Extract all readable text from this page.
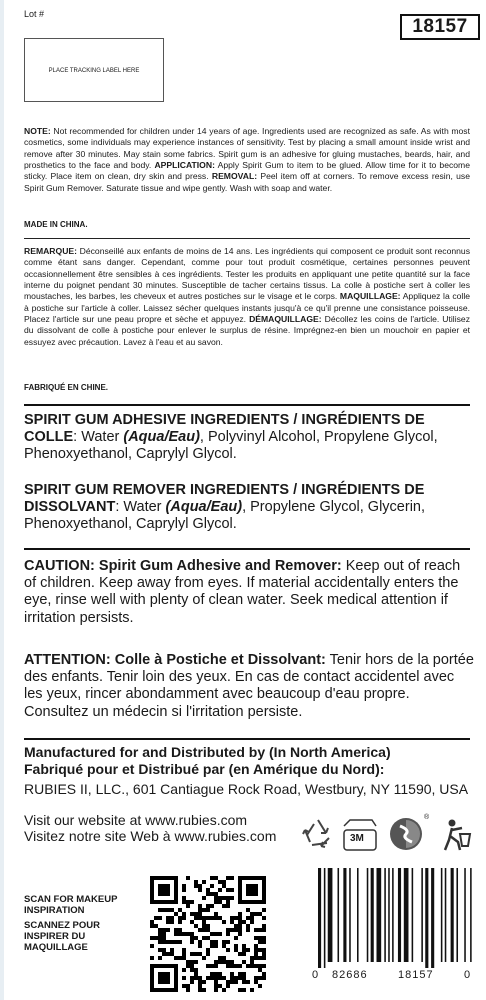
Lot #
18157
PLACE TRACKING LABEL HERE
NOTE: Not recommended for children under 14 years of age. Ingredients used are recognized as safe. As with most cosmetics, some individuals may experience instances of sensitivity. Test by placing a small amount inside wrist and remove after 30 minutes. May stain some fabrics. Spirit gum is an adhesive for gluing mustaches, beards, hair, and prosthetics to the face and body. APPLICATION: Apply Spirit Gum to item to be glued. Allow time for it to become sticky. Place item on clean, dry skin and press. REMOVAL: Peel item off at corners. To remove excess resin, use Spirit Gum Remover. Saturate tissue and wipe gently. Wash with soap and water.
MADE IN CHINA.
REMARQUE: Déconseillé aux enfants de moins de 14 ans. Les ingrédients qui composent ce produit sont reconnus comme étant sans danger. Cependant, comme pour tout produit cosmétique, certaines personnes peuvent occasionnellement être sensibles à ces ingrédients. Tester les produits en appliquant une petite quantité sur la face interne du poignet pendant 30 minutes. Susceptible de tacher certains tissus. La colle à postiche sert à coller les moustaches, les barbes, les cheveux et autres postiches sur le visage et le corps. MAQUILLAGE: Appliquez la colle à postiche sur l'article à coller. Laissez sécher quelques instants jusqu'à ce qu'il prenne une consistance poisseuse. Placez l'article sur une peau propre et sèche et appuyez. DÉMAQUILLAGE: Décollez les coins de l'article. Utilisez du dissolvant de colle à postiche pour enlever le surplus de résine. Imprégnez-en bien un mouchoir en papier et essuyez avec précaution. Lavez à l'eau et au savon.
FABRIQUÉ EN CHINE.
SPIRIT GUM ADHESIVE INGREDIENTS / INGRÉDIENTS DE COLLE: Water (Aqua/Eau), Polyvinyl Alcohol, Propylene Glycol, Phenoxyethanol, Caprylyl Glycol.
SPIRIT GUM REMOVER INGREDIENTS / INGRÉDIENTS DE DISSOLVANT: Water (Aqua/Eau), Propylene Glycol, Glycerin, Phenoxyethanol, Caprylyl Glycol.
CAUTION: Spirit Gum Adhesive and Remover: Keep out of reach of children. Keep away from eyes. If material accidentally enters the eye, rinse well with plenty of clean water. Seek medical attention if irritation persists.
ATTENTION: Colle à Postiche et Dissolvant: Tenir hors de la portée des enfants. Tenir loin des yeux. En cas de contact accidentel avec les yeux, rincer abondamment avec beaucoup d'eau propre. Consultez un médecin si l'irritation persiste.
Manufactured for and Distributed by (In North America)
Fabriqué pour et Distribué par (en Amérique du Nord):
RUBIES II, LLC., 601 Cantiague Rock Road, Westbury, NY 11590, USA
Visit our website at www.rubies.com
Visitez notre site Web à www.rubies.com	3M
®
SCAN FOR MAKEUP INSPIRATION
SCANNEZ POUR INSPIRER DU MAQUILLAGE
0 82686	18157	0
